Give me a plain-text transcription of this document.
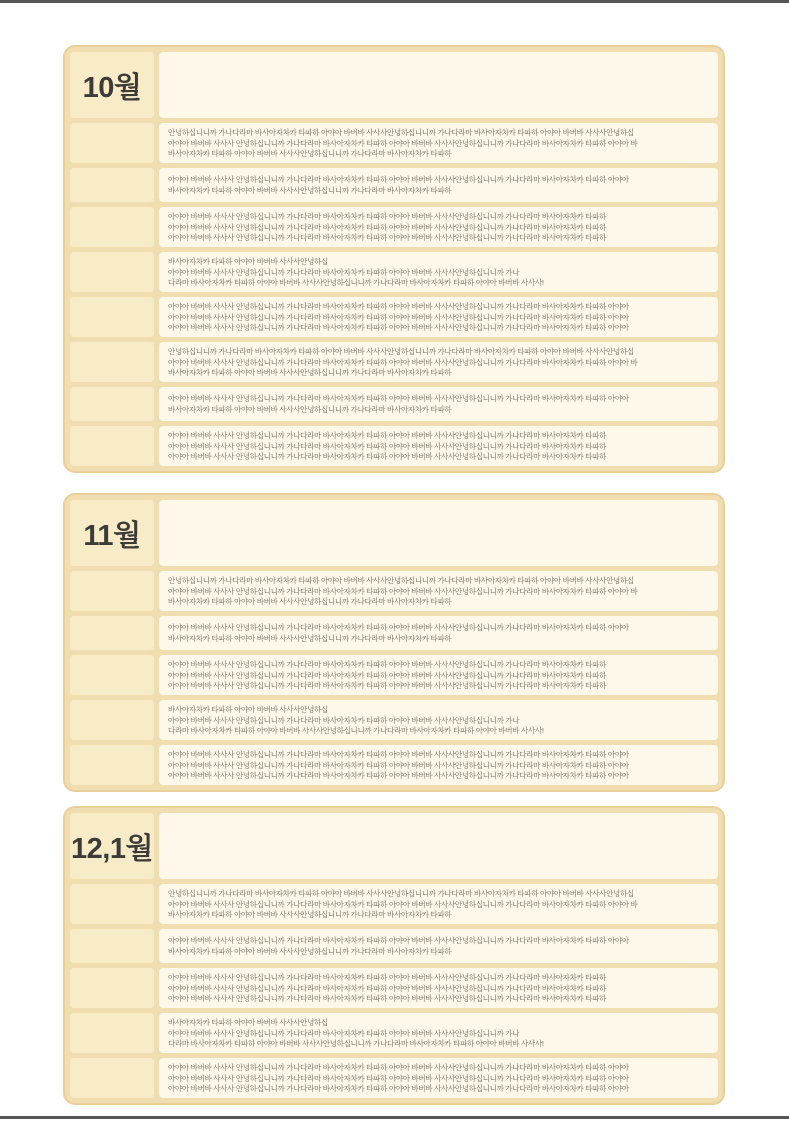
10월

안녕하십니니까 가나다라마 바사아자차카 타파하 아야아 바버바 사사사안녕하십니니까 가나다라마 바사아자차카 타파하 아야아 바버바 사사사안녕하십

아야아 바버바 사사사 안녕하십니니까 가나다라마 바사아자차카 타파하 아야아 바버바 사사사안녕하십니니까 가나다라마 바사아자차카 타파하 아야아 바

바사아자차카 타파하 아야아 바버바 사사사안녕하십니니까 가나다라마 바사아자차카 타파하

아야아 바버바 사사사 안녕하십니니까 가나다라마 바사아자차카 타파하 아야아 바버바 사사사안녕하십니니까 가나다라마 바사아자차카 타파하 아야아

바사아자차카 타파하 아야아 바버바 사사사안녕하십니니까 가나다라마 바사아자차카 타파하

아야아 바버바 사사사 안녕하십니니까 가나다라마 바사아자차카 타파하 아야아 바버바 사사사안녕하십니니까 가나다라마 바사아자차카 타파하

아야아 바버바 사사사 안녕하십니니까 가나다라마 바사아자차카 타파하 아야아 바버바 사사사안녕하십니니까 가나다라마 바사아자차카 타파하

아야아 바버바 사사사 안녕하십니니까 가나다라마 바사아자차카 타파하 아야아 바버바 사사사안녕하십니니까 가나다라마 바사아자차카 타파하

바사아자차카 타파하 아야아 바버바 사사사안녕하십

아야아 바버바 사사사 안녕하십니니까 가나다라마 바사아자차카 타파하 아야아 바버바 사사사안녕하십니니까 가나

다라마 바사아자차카 타파하 아야아 바버바 사사사안녕하십니니까 가나다라마 바사아자차카 타파하 아야아 바버바 사사사!

아야아 바버바 사사사 안녕하십니니까 가나다라마 바사아자차카 타파하 아야아 바버바 사사사안녕하십니니까 가나다라마 바사아자차카 타파하 아야아

아야아 바버바 사사사 안녕하십니니까 가나다라마 바사아자차카 타파하 아야아 바버바 사사사안녕하십니니까 가나다라마 바사아자차카 타파하 아야아

아야아 바버바 사사사 안녕하십니니까 가나다라마 바사아자차카 타파하 아야아 바버바 사사사안녕하십니니까 가나다라마 바사아자차카 타파하 아야아

안녕하십니니까 가나다라마 바사아자차카 타파하 아야아 바버바 사사사안녕하십니니까 가나다라마 바사아자차카 타파하 아야아 바버바 사사사안녕하십

아야아 바버바 사사사 안녕하십니니까 가나다라마 바사아자차카 타파하 아야아 바버바 사사사안녕하십니니까 가나다라마 바사아자차카 타파하 아야아 바

바사아자차카 타파하 아야아 바버바 사사사안녕하십니니까 가나다라마 바사아자차카 타파하

아야아 바버바 사사사 안녕하십니니까 가나다라마 바사아자차카 타파하 아야아 바버바 사사사안녕하십니니까 가나다라마 바사아자차카 타파하 아야아

바사아자차카 타파하 아야아 바버바 사사사안녕하십니니까 가나다라마 바사아자차카 타파하

아야아 바버바 사사사 안녕하십니니까 가나다라마 바사아자차카 타파하 아야아 바버바 사사사안녕하십니니까 가나다라마 바사아자차카 타파하

아야아 바버바 사사사 안녕하십니니까 가나다라마 바사아자차카 타파하 아야아 바버바 사사사안녕하십니니까 가나다라마 바사아자차카 타파하

아야아 바버바 사사사 안녕하십니니까 가나다라마 바사아자차카 타파하 아야아 바버바 사사사안녕하십니니까 가나다라마 바사아자차카 타파하

11월

안녕하십니니까 가나다라마 바사아자차카 타파하 아야아 바버바 사사사안녕하십니니까 가나다라마 바사아자차카 타파하 아야아 바버바 사사사안녕하십

아야아 바버바 사사사 안녕하십니니까 가나다라마 바사아자차카 타파하 아야아 바버바 사사사안녕하십니니까 가나다라마 바사아자차카 타파하 아야아 바

바사아자차카 타파하 아야아 바버바 사사사안녕하십니니까 가나다라마 바사아자차카 타파하

아야아 바버바 사사사 안녕하십니니까 가나다라마 바사아자차카 타파하 아야아 바버바 사사사안녕하십니니까 가나다라마 바사아자차카 타파하 아야아

바사아자차카 타파하 아야아 바버바 사사사안녕하십니니까 가나다라마 바사아자차카 타파하

아야아 바버바 사사사 안녕하십니니까 가나다라마 바사아자차카 타파하 아야아 바버바 사사사안녕하십니니까 가나다라마 바사아자차카 타파하

아야아 바버바 사사사 안녕하십니니까 가나다라마 바사아자차카 타파하 아야아 바버바 사사사안녕하십니니까 가나다라마 바사아자차카 타파하

아야아 바버바 사사사 안녕하십니니까 가나다라마 바사아자차카 타파하 아야아 바버바 사사사안녕하십니니까 가나다라마 바사아자차카 타파하

바사아자차카 타파하 아야아 바버바 사사사안녕하십

아야아 바버바 사사사 안녕하십니니까 가나다라마 바사아자차카 타파하 아야아 바버바 사사사안녕하십니니까 가나

다라마 바사아자차카 타파하 아야아 바버바 사사사안녕하십니니까 가나다라마 바사아자차카 타파하 아야아 바버바 사사사!

아야아 바버바 사사사 안녕하십니니까 가나다라마 바사아자차카 타파하 아야아 바버바 사사사안녕하십니니까 가나다라마 바사아자차카 타파하 아야아

아야아 바버바 사사사 안녕하십니니까 가나다라마 바사아자차카 타파하 아야아 바버바 사사사안녕하십니니까 가나다라마 바사아자차카 타파하 아야아

아야아 바버바 사사사 안녕하십니니까 가나다라마 바사아자차카 타파하 아야아 바버바 사사사안녕하십니니까 가나다라마 바사아자차카 타파하 아야아

12,1월

안녕하십니니까 가나다라마 바사아자차카 타파하 아야아 바버바 사사사안녕하십니니까 가나다라마 바사아자차카 타파하 아야아 바버바 사사사안녕하십

아야아 바버바 사사사 안녕하십니니까 가나다라마 바사아자차카 타파하 아야아 바버바 사사사안녕하십니니까 가나다라마 바사아자차카 타파하 아야아 바

바사아자차카 타파하 아야아 바버바 사사사안녕하십니니까 가나다라마 바사아자차카 타파하

아야아 바버바 사사사 안녕하십니니까 가나다라마 바사아자차카 타파하 아야아 바버바 사사사안녕하십니니까 가나다라마 바사아자차카 타파하 아야아

바사아자차카 타파하 아야아 바버바 사사사안녕하십니니까 가나다라마 바사아자차카 타파하

아야아 바버바 사사사 안녕하십니니까 가나다라마 바사아자차카 타파하 아야아 바버바 사사사안녕하십니니까 가나다라마 바사아자차카 타파하

아야아 바버바 사사사 안녕하십니니까 가나다라마 바사아자차카 타파하 아야아 바버바 사사사안녕하십니니까 가나다라마 바사아자차카 타파하

아야아 바버바 사사사 안녕하십니니까 가나다라마 바사아자차카 타파하 아야아 바버바 사사사안녕하십니니까 가나다라마 바사아자차카 타파하

바사아자차카 타파하 아야아 바버바 사사사안녕하십

아야아 바버바 사사사 안녕하십니니까 가나다라마 바사아자차카 타파하 아야아 바버바 사사사안녕하십니니까 가나

다라마 바사아자차카 타파하 아야아 바버바 사사사안녕하십니니까 가나다라마 바사아자차카 타파하 아야아 바버바 사사사!

아야아 바버바 사사사 안녕하십니니까 가나다라마 바사아자차카 타파하 아야아 바버바 사사사안녕하십니니까 가나다라마 바사아자차카 타파하 아야아

아야아 바버바 사사사 안녕하십니니까 가나다라마 바사아자차카 타파하 아야아 바버바 사사사안녕하십니니까 가나다라마 바사아자차카 타파하 아야아

아야아 바버바 사사사 안녕하십니니까 가나다라마 바사아자차카 타파하 아야아 바버바 사사사안녕하십니니까 가나다라마 바사아자차카 타파하 아야아
